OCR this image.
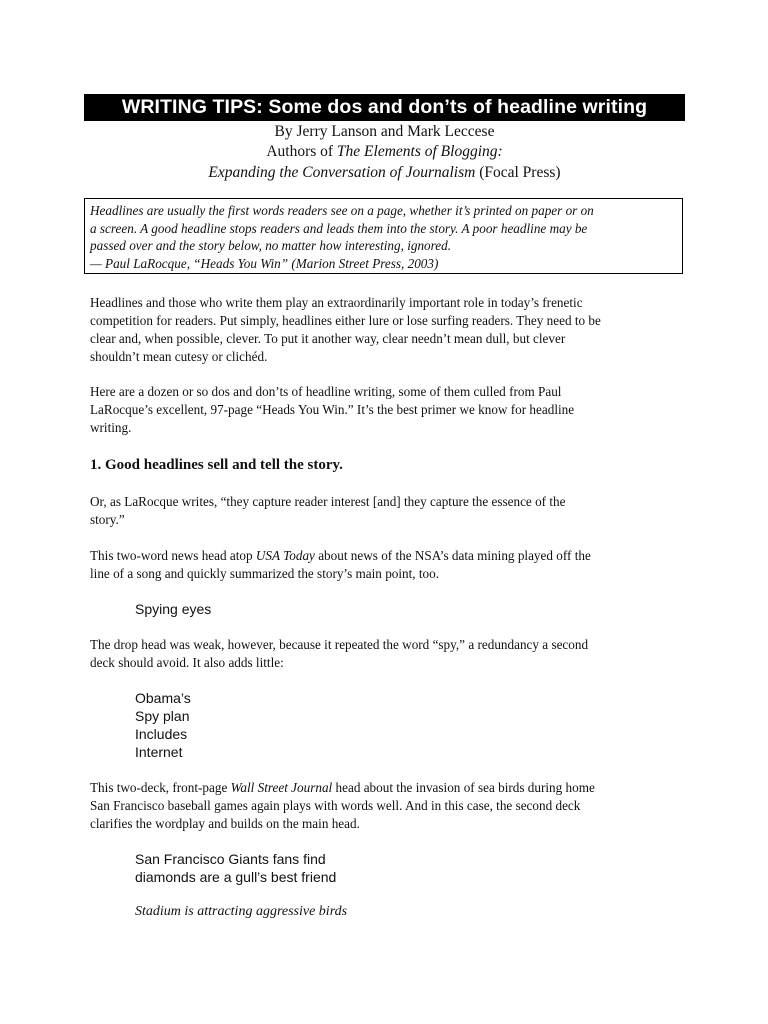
WRITING TIPS: Some dos and don’ts of headline writing
By Jerry Lanson and Mark Leccese
Authors of The Elements of Blogging:
Expanding the Conversation of Journalism (Focal Press)
Headlines are usually the first words readers see on a page, whether it’s printed on paper or on
a screen. A good headline stops readers and leads them into the story. A poor headline may be
passed over and the story below, no matter how interesting, ignored.
— Paul LaRocque, “Heads You Win” (Marion Street Press, 2003)
Headlines and those who write them play an extraordinarily important role in today’s frenetic
competition for readers. Put simply, headlines either lure or lose surfing readers. They need to be
clear and, when possible, clever. To put it another way, clear needn’t mean dull, but clever
shouldn’t mean cutesy or clichéd.
Here are a dozen or so dos and don’ts of headline writing, some of them culled from Paul
LaRocque’s excellent, 97-page “Heads You Win.” It’s the best primer we know for headline
writing.
1. Good headlines sell and tell the story.
Or, as LaRocque writes, “they capture reader interest [and] they capture the essence of the
story.”
This two-word news head atop USA Today about news of the NSA’s data mining played off the
line of a song and quickly summarized the story’s main point, too.
Spying eyes
The drop head was weak, however, because it repeated the word “spy,” a redundancy a second
deck should avoid. It also adds little:
Obama’s
Spy plan
Includes
Internet
This two-deck, front-page Wall Street Journal head about the invasion of sea birds during home
San Francisco baseball games again plays with words well. And in this case, the second deck
clarifies the wordplay and builds on the main head.
San Francisco Giants fans find
diamonds are a gull’s best friend
Stadium is attracting aggressive birds
